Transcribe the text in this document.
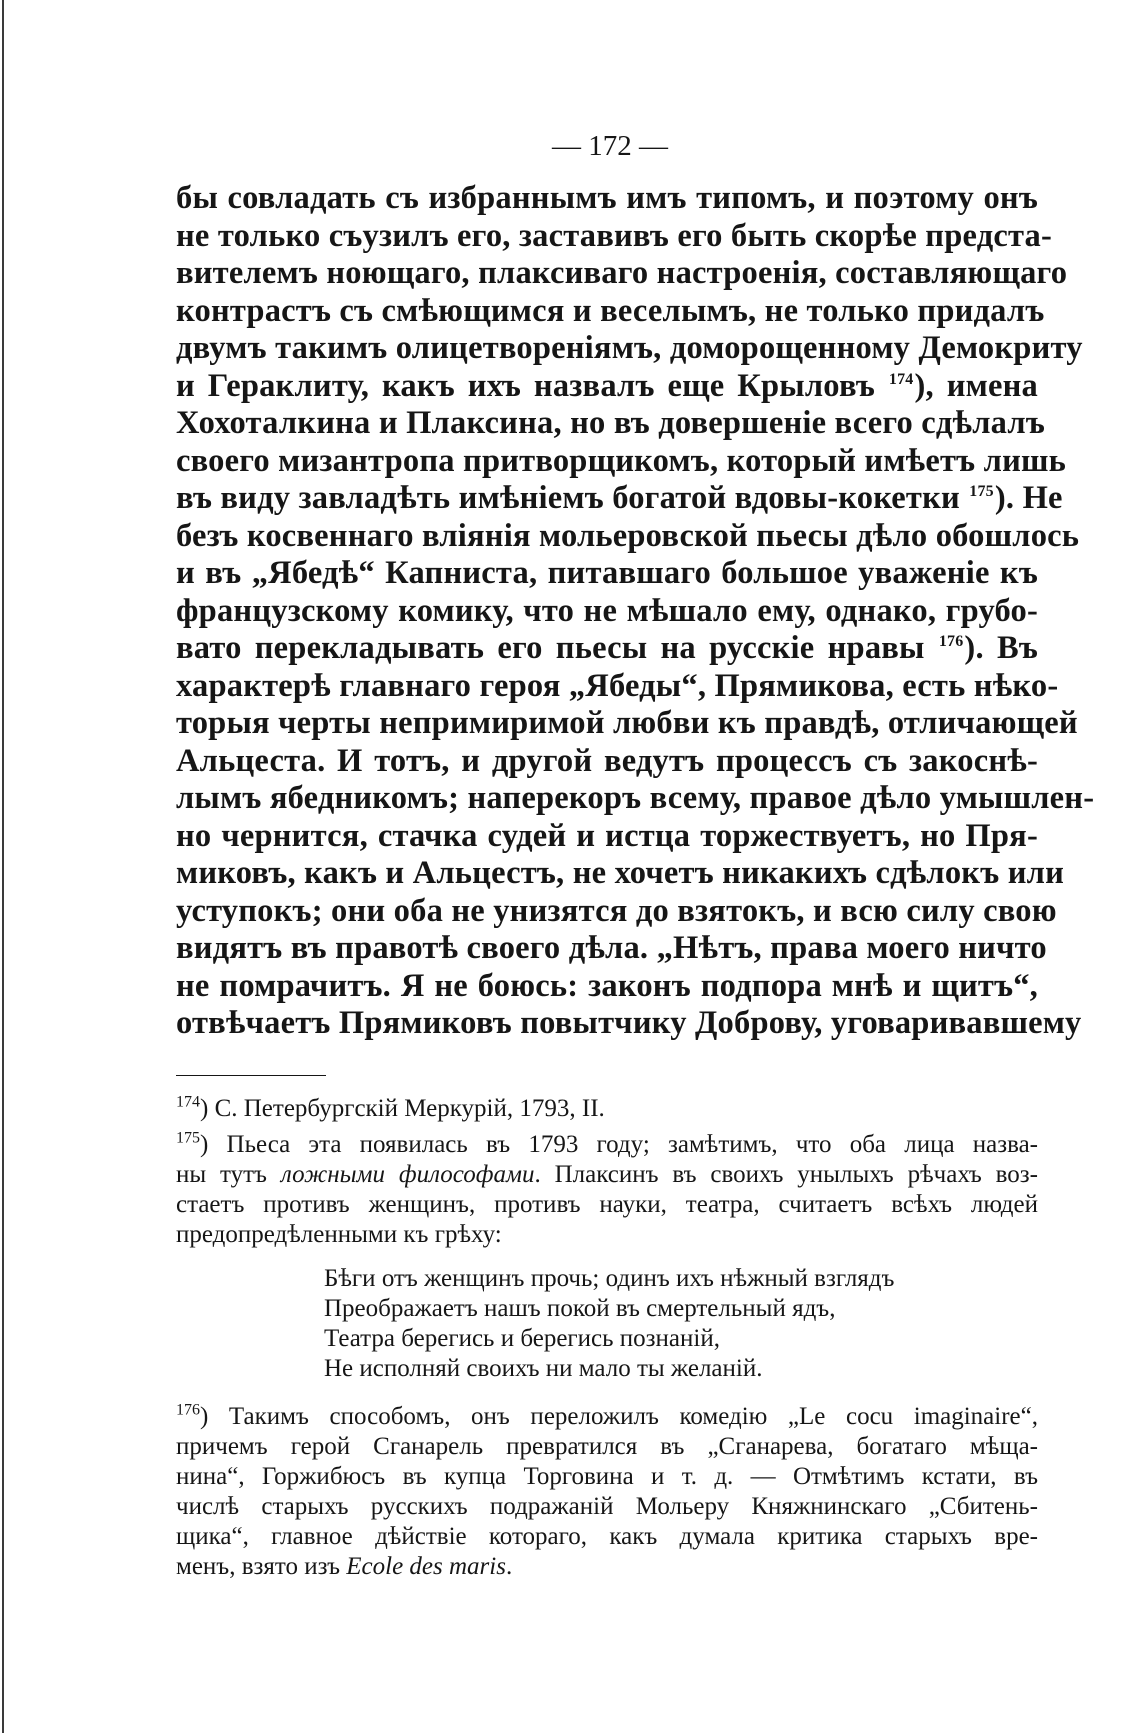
— 172 —
бы совладать съ избраннымъ имъ типомъ, и поэтому онъ
не только съузилъ его, заставивъ его быть скорѣе предста-
вителемъ ноющаго, плаксиваго настроенія, составляющаго
контрастъ съ смѣющимся и веселымъ, не только придалъ
двумъ такимъ олицетвореніямъ, доморощенному Демокриту
и Гераклиту, какъ ихъ назвалъ еще Крыловъ $^{174}$), имена
Хохоталкина и Плаксина, но въ довершеніе всего сдѣлалъ
своего мизантропа притворщикомъ, который имѣетъ лишь
въ виду завладѣть имѣніемъ богатой вдовы-кокетки $^{175}$). Не
безъ косвеннаго вліянія мольеровской пьесы дѣло обошлось
и въ „Ябедѣ“ Капниста, питавшаго большое уваженіе къ
французскому комику, что не мѣшало ему, однако, грубо-
вато перекладывать его пьесы на русскіе нравы $^{176}$). Въ
характерѣ главнаго героя „Ябеды“, Прямикова, есть нѣко-
торыя черты непримиримой любви къ правдѣ, отличающей
Альцеста. И тотъ, и другой ведутъ процессъ съ закоснѣ-
лымъ ябедникомъ; наперекоръ всему, правое дѣло умышлен-
но чернится, стачка судей и истца торжествуетъ, но Пря-
миковъ, какъ и Альцестъ, не хочетъ никакихъ сдѣлокъ или
уступокъ; они оба не унизятся до взятокъ, и всю силу свою
видятъ въ правотѣ своего дѣла. „Нѣтъ, права моего ничто
не помрачитъ. Я не боюсь: законъ подпора мнѣ и щитъ“,
отвѣчаетъ Прямиковъ повытчику Доброву, уговаривавшему
$^{174}$) С. Петербургскій Меркурій, 1793, II.
$^{175}$) Пьеса эта появилась въ 1793 году; замѣтимъ, что оба лица назва-
ны тутъ ложными философами. Плаксинъ въ своихъ унылыхъ рѣчахъ воз-
стаетъ противъ женщинъ, противъ науки, театра, считаетъ всѣхъ людей
предопредѣленными къ грѣху:
Бѣги отъ женщинъ прочь; одинъ ихъ нѣжный взглядъ
Преображаетъ нашъ покой въ смертельный ядъ,
Театра берегись и берегись познаній,
Не исполняй своихъ ни мало ты желаній.
$^{176}$) Такимъ способомъ, онъ переложилъ комедію „Le cocu imaginaire“,
причемъ герой Сганарель превратился въ „Сганарева, богатаго мѣща-
нина“, Горжибюсъ въ купца Торговина и т. д. — Отмѣтимъ кстати, въ
числѣ старыхъ русскихъ подражаній Мольеру Княжнинскаго „Сбитень-
щика“, главное дѣйствіе котораго, какъ думала критика старыхъ вре-
менъ, взято изъ Ecole des maris.
